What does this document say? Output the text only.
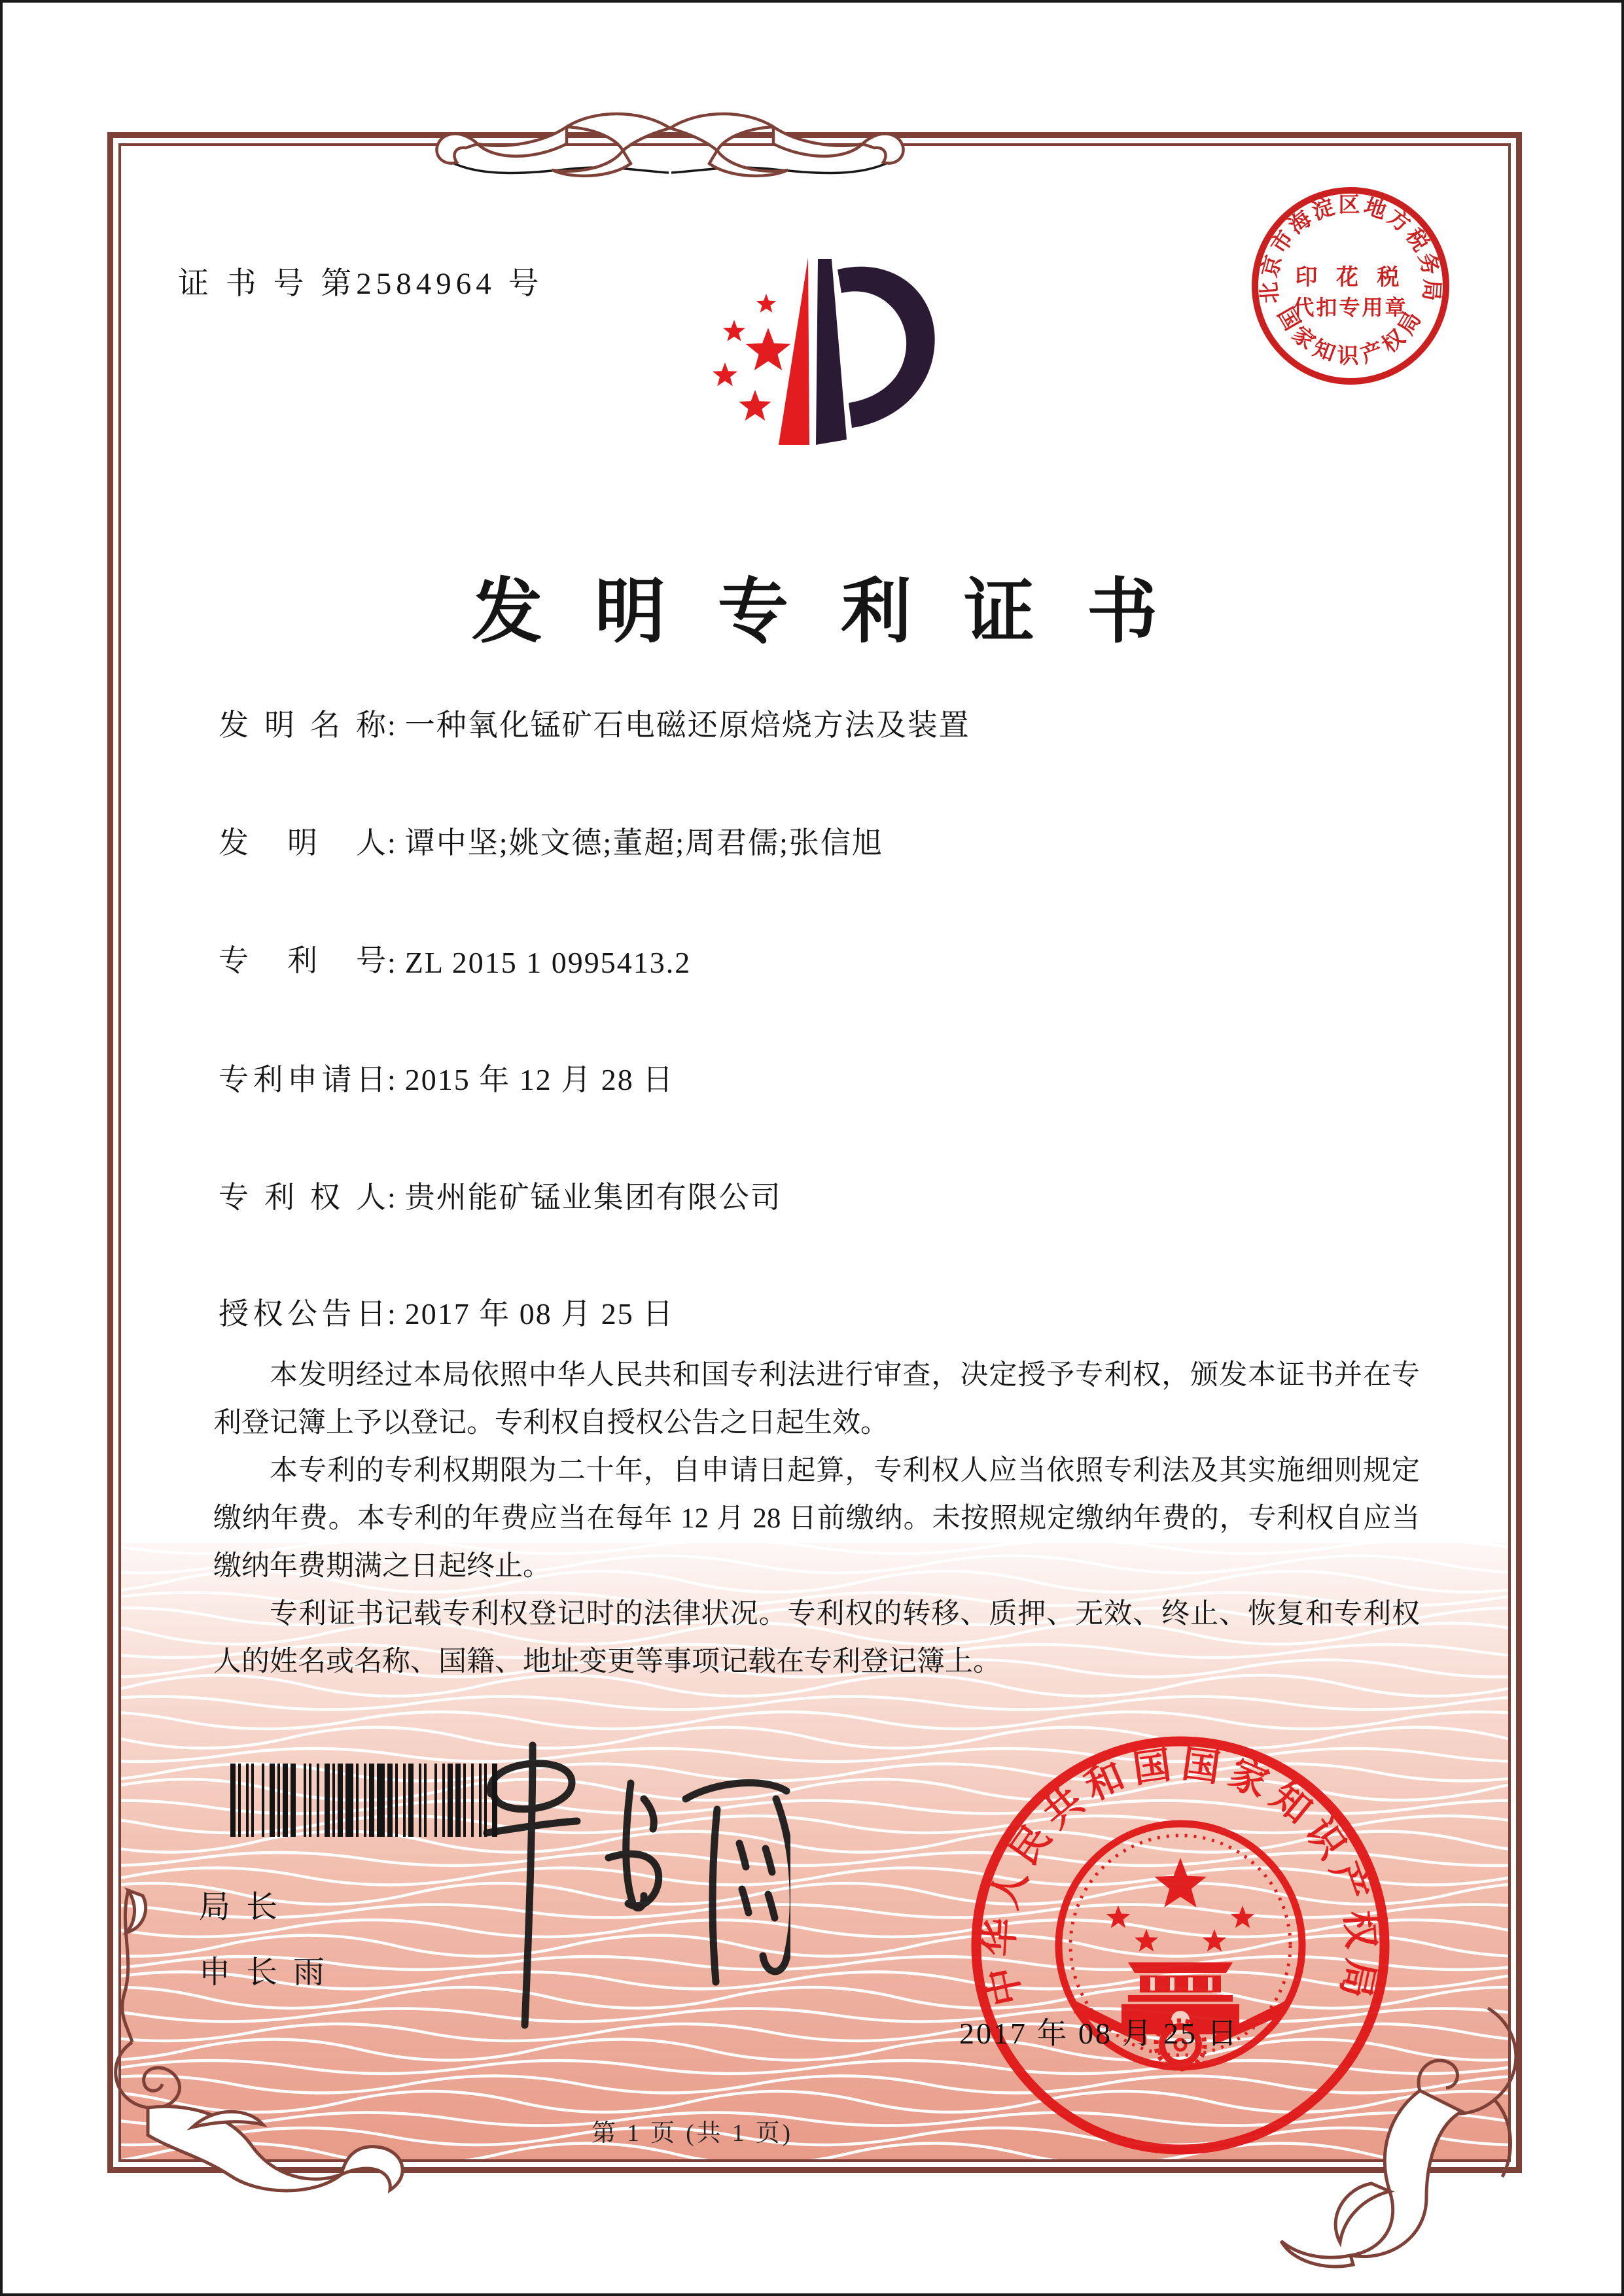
证 书 号 第2584964 号	北京市海淀区地方税务局
印 花 税
代扣专用章
国家知识产权局
发明专利证书
发明名称: 一种氧化锰矿石电磁还原焙烧方法及装置
发明人: 谭中坚;姚文德;董超;周君儒;张信旭
专利号: ZL 2015 1 0995413.2
专利申请日: 2015 年 12 月 28 日
专利权人: 贵州能矿锰业集团有限公司
授权公告日: 2017 年 08 月 25 日

本发明经过本局依照中华人民共和国专利法进行审查，决定授予专利权，颁发本证书并在专利登记簿上予以登记。专利权自授权公告之日起生效。

本专利的专利权期限为二十年，自申请日起算，专利权人应当依照专利法及其实施细则规定缴纳年费。本专利的年费应当在每年 12 月 28 日前缴纳。未按照规定缴纳年费的，专利权自应当缴纳年费期满之日起终止。

专利证书记载专利权登记时的法律状况。专利权的转移、质押、无效、终止、恢复和专利权人的姓名或名称、国籍、地址变更等事项记载在专利登记簿上。

局长
申长雨	中华人民共和国国家知识产权局
2017 年 08 月 25 日
第 1 页 (共 1 页)
